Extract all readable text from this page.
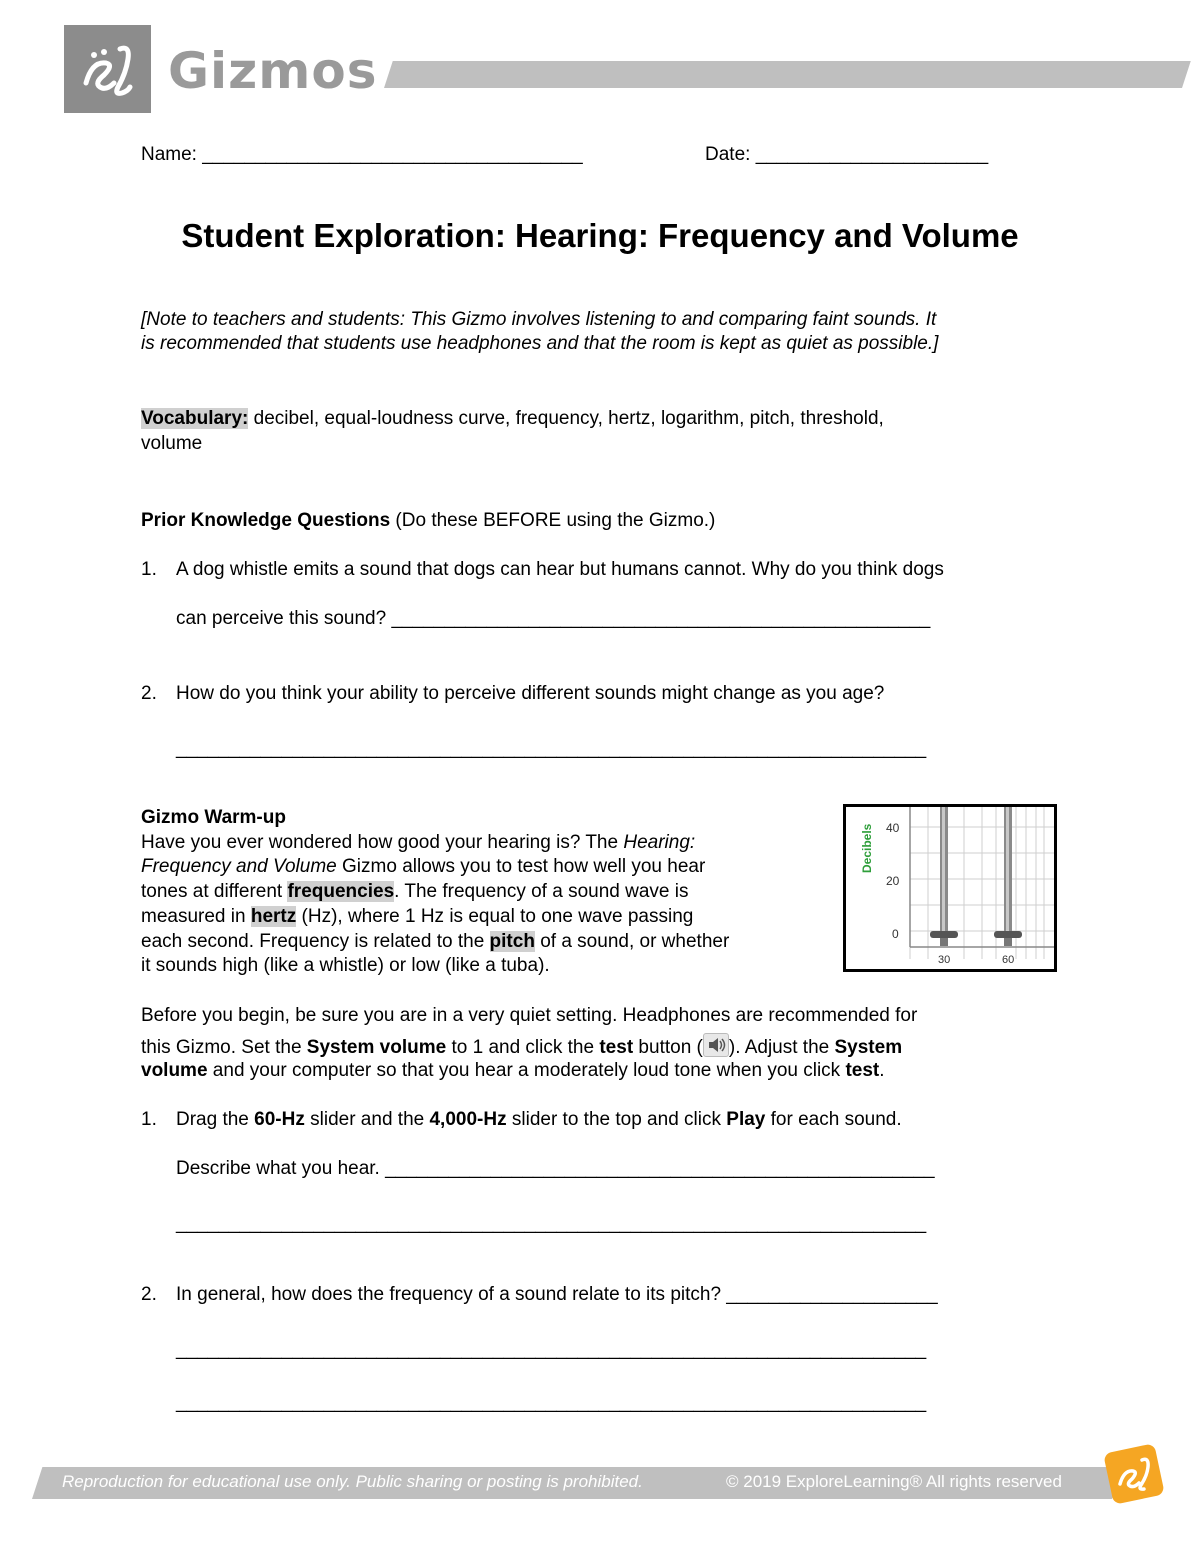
Gizmos
Name: ____________________________________	Date: ______________________
Student Exploration: Hearing: Frequency and Volume
[Note to teachers and students: This Gizmo involves listening to and comparing faint sounds. It
is recommended that students use headphones and that the room is kept as quiet as possible.]
Vocabulary: decibel, equal-loudness curve, frequency, hertz, logarithm, pitch, threshold,
volume
Prior Knowledge Questions (Do these BEFORE using the Gizmo.)
1. A dog whistle emits a sound that dogs can hear but humans cannot. Why do you think dogs
can perceive this sound? ___________________________________________________
2. How do you think your ability to perceive different sounds might change as you age?
_______________________________________________________________________
Gizmo Warm-up
Have you ever wondered how good your hearing is? The Hearing:
Frequency and Volume Gizmo allows you to test how well you hear
tones at different frequencies. The frequency of a sound wave is
measured in hertz (Hz), where 1 Hz is equal to one wave passing
each second. Frequency is related to the pitch of a sound, or whether
it sounds high (like a whistle) or low (like a tuba).
Decibels 40
20
0
30	60
Before you begin, be sure you are in a very quiet setting. Headphones are recommended for
this Gizmo. Set the System volume to 1 and click the test button ( ). Adjust the System
volume and your computer so that you hear a moderately loud tone when you click test.
1. Drag the 60-Hz slider and the 4,000-Hz slider to the top and click Play for each sound.
Describe what you hear. ____________________________________________________
_______________________________________________________________________
2. In general, how does the frequency of a sound relate to its pitch? ____________________
_______________________________________________________________________
_______________________________________________________________________
Reproduction for educational use only. Public sharing or posting is prohibited.	© 2019 ExploreLearning® All rights reserved
